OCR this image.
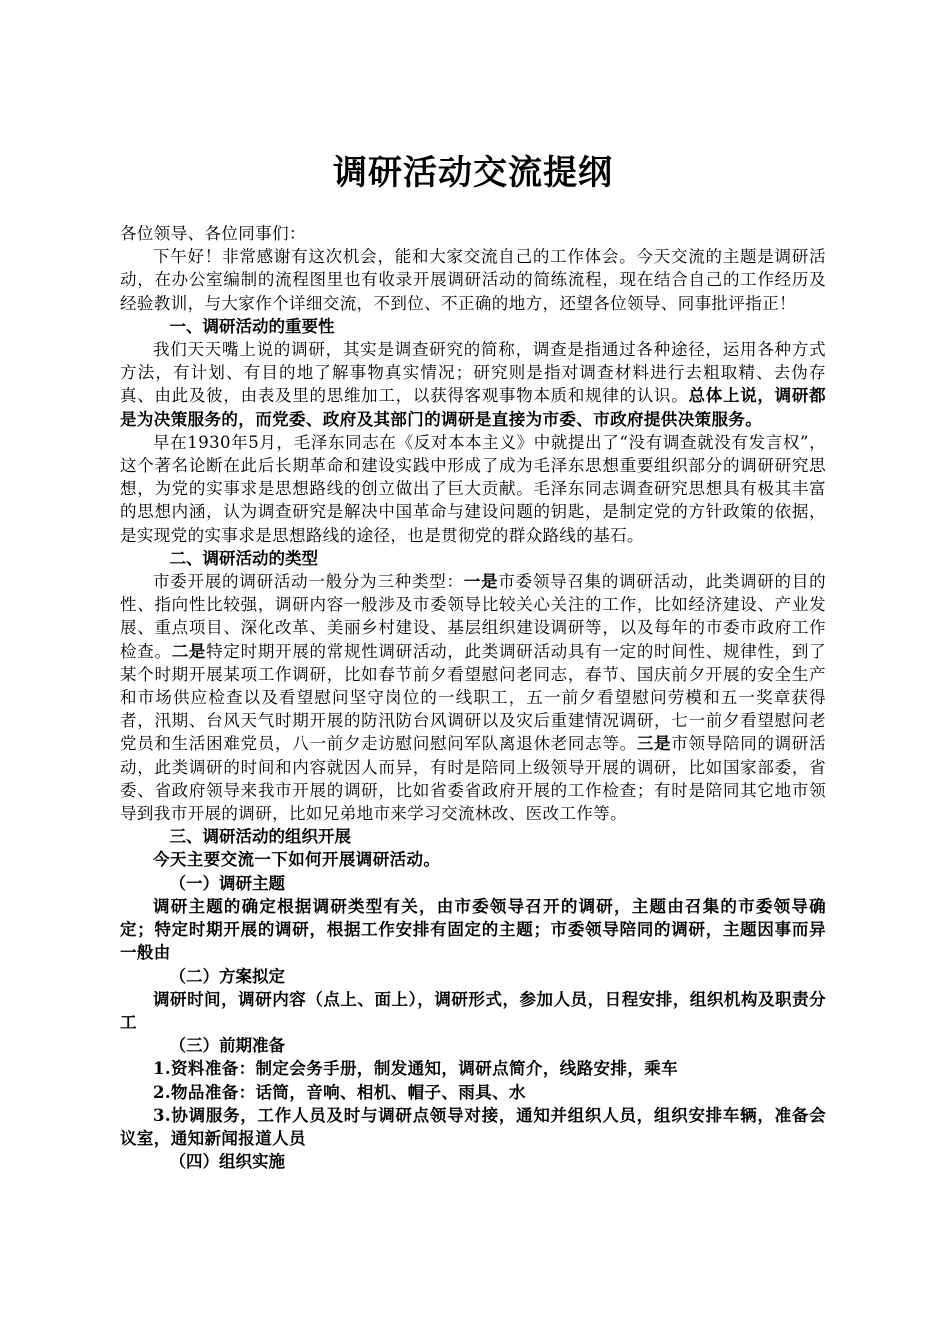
调研活动交流提纲

各位领导、各位同事们：

下午好！非常感谢有这次机会，能和大家交流自己的工作体会。今天交流的主题是调研活动，在办公室编制的流程图里也有收录开展调研活动的简练流程，现在结合自己的工作经历及经验教训，与大家作个详细交流，不到位、不正确的地方，还望各位领导、同事批评指正！

一、调研活动的重要性

我们天天嘴上说的调研，其实是调查研究的简称，调查是指通过各种途径，运用各种方式方法，有计划、有目的地了解事物真实情况；研究则是指对调查材料进行去粗取精、去伪存真、由此及彼，由表及里的思维加工，以获得客观事物本质和规律的认识。总体上说，调研都是为决策服务的，而党委、政府及其部门的调研是直接为市委、市政府提供决策服务。

早在1930年5月，毛泽东同志在《反对本本主义》中就提出了“没有调查就没有发言权”，这个著名论断在此后长期革命和建设实践中形成了成为毛泽东思想重要组织部分的调研研究思想，为党的实事求是思想路线的创立做出了巨大贡献。毛泽东同志调查研究思想具有极其丰富的思想内涵，认为调查研究是解决中国革命与建设问题的钥匙，是制定党的方针政策的依据，是实现党的实事求是思想路线的途径，也是贯彻党的群众路线的基石。

二、调研活动的类型

市委开展的调研活动一般分为三种类型：一是市委领导召集的调研活动，此类调研的目的性、指向性比较强，调研内容一般涉及市委领导比较关心关注的工作，比如经济建设、产业发展、重点项目、深化改革、美丽乡村建设、基层组织建设调研等，以及每年的市委市政府工作检查。二是特定时期开展的常规性调研活动，此类调研活动具有一定的时间性、规律性，到了某个时期开展某项工作调研，比如春节前夕看望慰问老同志，春节、国庆前夕开展的安全生产和市场供应检查以及看望慰问坚守岗位的一线职工，五一前夕看望慰问劳模和五一奖章获得者，汛期、台风天气时期开展的防汛防台风调研以及灾后重建情况调研，七一前夕看望慰问老党员和生活困难党员，八一前夕走访慰问慰问军队离退休老同志等。三是市领导陪同的调研活动，此类调研的时间和内容就因人而异，有时是陪同上级领导开展的调研，比如国家部委，省委、省政府领导来我市开展的调研，比如省委省政府开展的工作检查；有时是陪同其它地市领导到我市开展的调研，比如兄弟地市来学习交流林改、医改工作等。

三、调研活动的组织开展

今天主要交流一下如何开展调研活动。

（一）调研主题

调研主题的确定根据调研类型有关，由市委领导召开的调研，主题由召集的市委领导确定；特定时期开展的调研，根据工作安排有固定的主题；市委领导陪同的调研，主题因事而异一般由

（二）方案拟定

调研时间，调研内容（点上、面上），调研形式，参加人员，日程安排，组织机构及职责分工

（三）前期准备

1.资料准备：制定会务手册，制发通知，调研点简介，线路安排，乘车

2.物品准备：话筒，音响、相机、帽子、雨具、水

3.协调服务，工作人员及时与调研点领导对接，通知并组织人员，组织安排车辆，准备会议室，通知新闻报道人员

（四）组织实施
